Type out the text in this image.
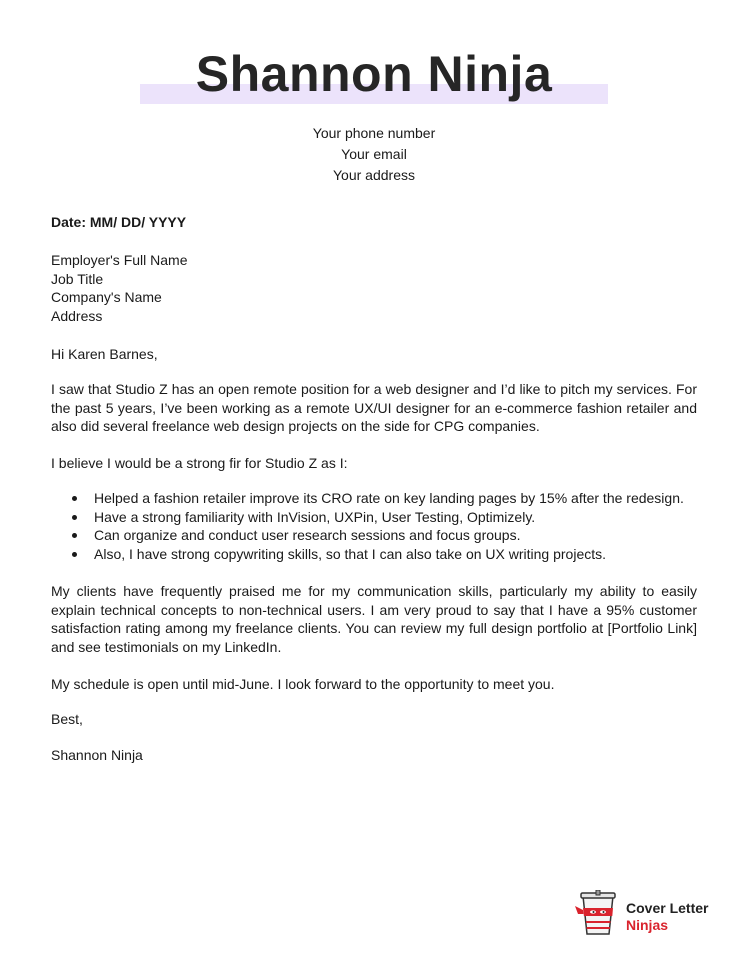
Shannon Ninja
Your phone number
Your email
Your address
Date: MM/ DD/ YYYY
Employer's Full Name
Job Title
Company's Name
Address
Hi Karen Barnes,
I saw that Studio Z has an open remote position for a web designer and I’d like to pitch my services. For the past 5 years, I’ve been working as a remote UX/UI designer for an e-commerce fashion retailer and also did several freelance web design projects on the side for CPG companies.
I believe I would be a strong fir for Studio Z as I:
Helped a fashion retailer improve its CRO rate on key landing pages by 15% after the redesign.
Have a strong familiarity with InVision, UXPin, User Testing, Optimizely.
Can organize and conduct user research sessions and focus groups.
Also, I have strong copywriting skills, so that I can also take on UX writing projects.
My clients have frequently praised me for my communication skills, particularly my ability to easily explain technical concepts to non-technical users. I am very proud to say that I have a 95% customer satisfaction rating among my freelance clients. You can review my full design portfolio at [Portfolio Link] and see testimonials on my LinkedIn.
My schedule is open until mid-June. I look forward to the opportunity to meet you.
Best,
Shannon Ninja
Cover Letter
Ninjas
